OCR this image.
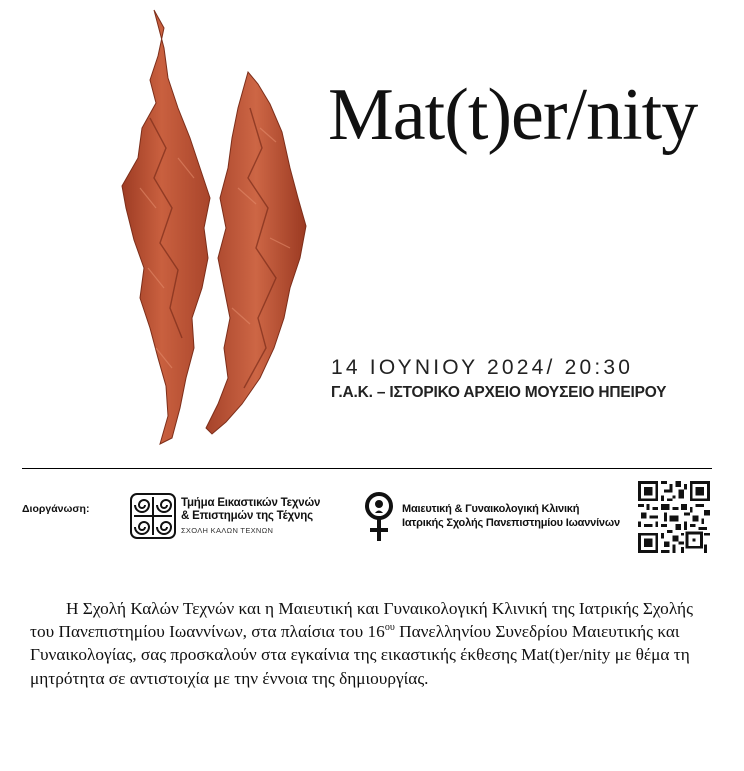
Mat(t)er/nity
14 ΙΟΥΝΙΟΥ 2024/ 20:30
Γ.Α.Κ. – ΙΣΤΟΡΙΚΟ ΑΡΧΕΙΟ ΜΟΥΣΕΙΟ ΗΠΕΙΡΟΥ
Διοργάνωση:	Τμήμα Εικαστικών Τεχνών
& Επιστημών της Τέχνης
ΣΧΟΛΗ ΚΑΛΩΝ ΤΕΧΝΩΝ
Μαιευτική & Γυναικολογική Κλινική
Ιατρικής Σχολής Πανεπιστημίου Ιωαννίνων

Η Σχολή Καλών Τεχνών και η Μαιευτική και Γυναικολογική Κλινική της Ιατρικής Σχολής του Πανεπιστημίου Ιωαννίνων, στα πλαίσια του $16^{o\upsilon}$ Πανελληνίου Συνεδρίου Μαιευτικής και Γυναικολογίας, σας προσκαλούν στα εγκαίνια της εικαστικής έκθεσης Mat(t)er/nity με θέμα τη μητρότητα σε αντιστοιχία με την έννοια της δημιουργίας.
